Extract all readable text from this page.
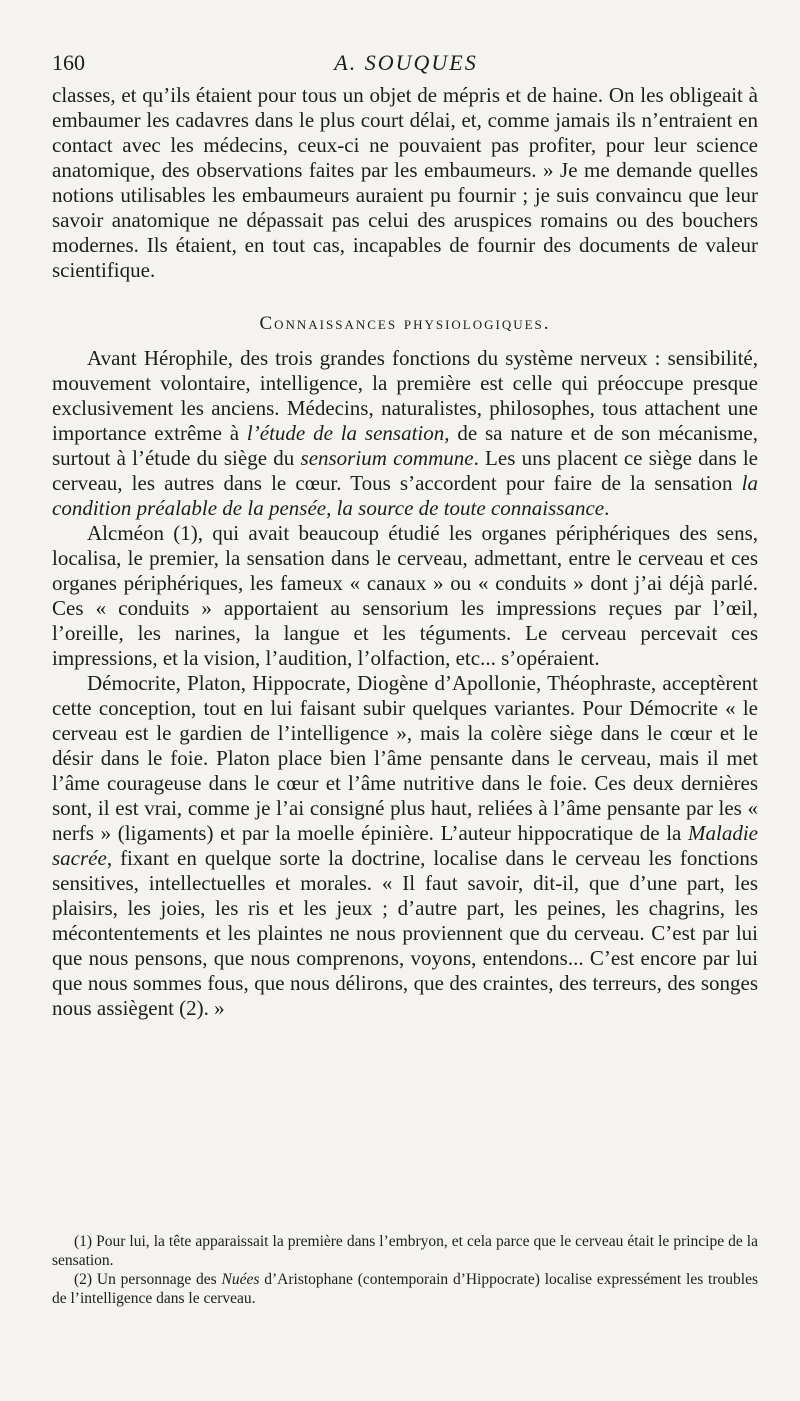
160	A. SOUQUES

classes, et qu’ils étaient pour tous un objet de mépris et de haine. On les obligeait à embaumer les cadavres dans le plus court délai, et, comme jamais ils n’entraient en contact avec les médecins, ceux-ci ne pouvaient pas profiter, pour leur science anatomique, des observations faites par les embaumeurs. » Je me demande quelles notions utilisables les embaumeurs auraient pu fournir ; je suis convaincu que leur savoir anatomique ne dépassait pas celui des aruspices romains ou des bouchers modernes. Ils étaient, en tout cas, incapables de fournir des documents de valeur scientifique.

Connaissances physiologiques.

Avant Hérophile, des trois grandes fonctions du système nerveux : sensibilité, mouvement volontaire, intelligence, la première est celle qui préoccupe presque exclusivement les anciens. Médecins, naturalistes, philosophes, tous attachent une importance extrême à l’étude de la sensation, de sa nature et de son mécanisme, surtout à l’étude du siège du sensorium commune. Les uns placent ce siège dans le cerveau, les autres dans le cœur. Tous s’accordent pour faire de la sensation la condition préalable de la pensée, la source de toute connaissance.

Alcméon (1), qui avait beaucoup étudié les organes périphériques des sens, localisa, le premier, la sensation dans le cerveau, admettant, entre le cerveau et ces organes périphériques, les fameux « canaux » ou « conduits » dont j’ai déjà parlé. Ces « conduits » apportaient au sensorium les impressions reçues par l’œil, l’oreille, les narines, la langue et les téguments. Le cerveau percevait ces impressions, et la vision, l’audition, l’olfaction, etc... s’opéraient.

Démocrite, Platon, Hippocrate, Diogène d’Apollonie, Théophraste, acceptèrent cette conception, tout en lui faisant subir quelques variantes. Pour Démocrite « le cerveau est le gardien de l’intelligence », mais la colère siège dans le cœur et le désir dans le foie. Platon place bien l’âme pensante dans le cerveau, mais il met l’âme courageuse dans le cœur et l’âme nutritive dans le foie. Ces deux dernières sont, il est vrai, comme je l’ai consigné plus haut, reliées à l’âme pensante par les « nerfs » (ligaments) et par la moelle épinière. L’auteur hippocratique de la Maladie sacrée, fixant en quelque sorte la doctrine, localise dans le cerveau les fonctions sensitives, intellectuelles et morales. « Il faut savoir, dit-il, que d’une part, les plaisirs, les joies, les ris et les jeux ; d’autre part, les peines, les chagrins, les mécontentements et les plaintes ne nous proviennent que du cerveau. C’est par lui que nous pensons, que nous comprenons, voyons, entendons... C’est encore par lui que nous sommes fous, que nous délirons, que des craintes, des terreurs, des songes nous assiègent (2). »

(1) Pour lui, la tête apparaissait la première dans l’embryon, et cela parce que le cerveau était le principe de la sensation.

(2) Un personnage des Nuées d’Aristophane (contemporain d’Hippocrate) localise expressément les troubles de l’intelligence dans le cerveau.
